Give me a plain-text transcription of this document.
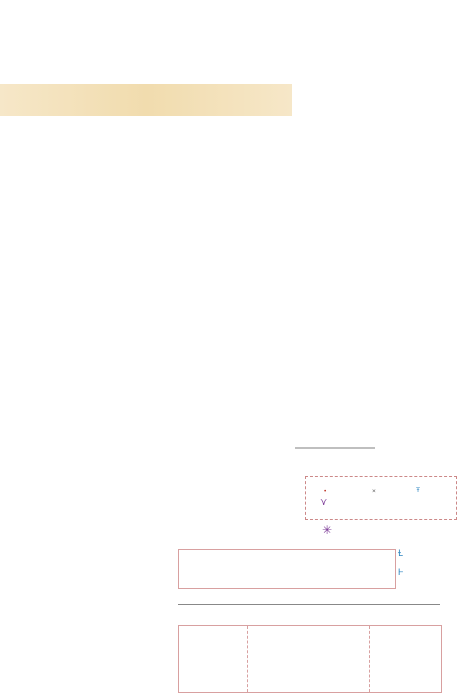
•	×	Ŧ
⋎
✳
Ɫ
Ⱶ
